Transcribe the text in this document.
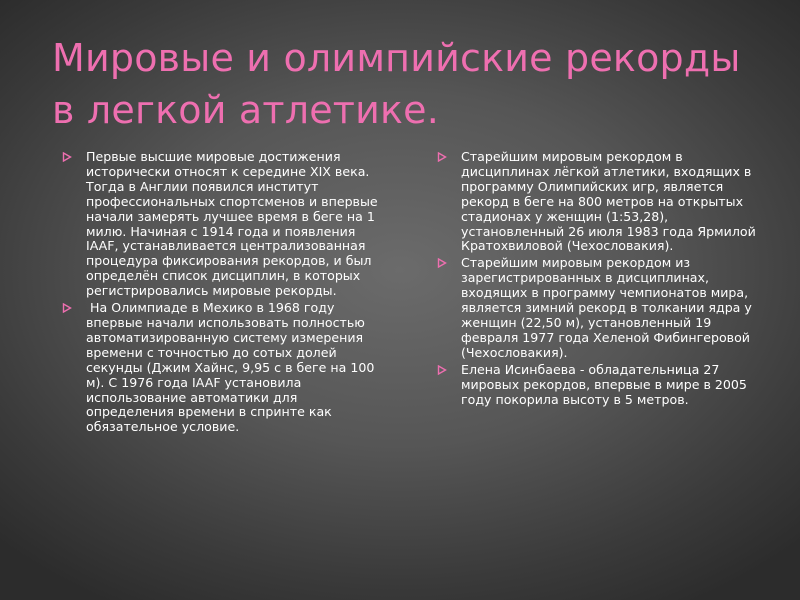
Мировые и олимпийские рекорды в легкой атлетике.
Первые высшие мировые достижения исторически относят к середине XIX века. Тогда в Англии появился институт профессиональных спортсменов и впервые начали замерять лучшее время в беге на 1 милю. Начиная с 1914 года и появления IAAF, устанавливается централизованная процедура фиксирования рекордов, и был определён список дисциплин, в которых регистрировались мировые рекорды.
На Олимпиаде в Мехико в 1968 году впервые начали использовать полностью автоматизированную систему измерения времени с точностью до сотых долей секунды (Джим Хайнс, 9,95 с в беге на 100 м). С 1976 года IAAF установила использование автоматики для определения времени в спринте как обязательное условие.
Старейшим мировым рекордом в дисциплинах лёгкой атлетики, входящих в программу Олимпийских игр, является рекорд в беге на 800 метров на открытых стадионах у женщин (1:53,28), установленный 26 июля 1983 года Ярмилой Кратохвиловой (Чехословакия).
Старейшим мировым рекордом из зарегистрированных в дисциплинах, входящих в программу чемпионатов мира, является зимний рекорд в толкании ядра у женщин (22,50 м), установленный 19 февраля 1977 года Хеленой Фибингеровой (Чехословакия).
Елена Исинбаева - обладательница 27 мировых рекордов, впервые в мире в 2005 году покорила высоту в 5 метров.
